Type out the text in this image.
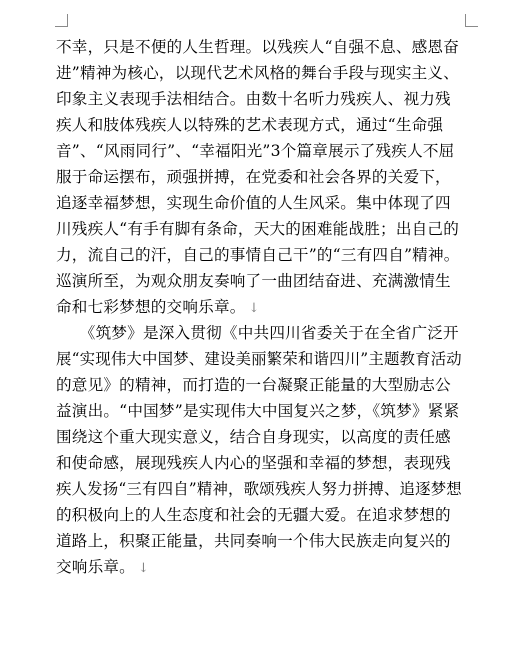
不幸，只是不便的人生哲理。以残疾人“自强不息、感恩奋
进”精神为核心，以现代艺术风格的舞台手段与现实主义、
印象主义表现手法相结合。由数十名听力残疾人、视力残
疾人和肢体残疾人以特殊的艺术表现方式，通过“生命强
音”、“风雨同行”、“幸福阳光”3个篇章展示了残疾人不屈
服于命运摆布，顽强拼搏，在党委和社会各界的关爱下，
追逐幸福梦想，实现生命价值的人生风采。集中体现了四
川残疾人“有手有脚有条命，天大的困难能战胜；出自己的
力，流自己的汗，自己的事情自己干”的“三有四自”精神。
巡演所至，为观众朋友奏响了一曲团结奋进、充满激情生
命和七彩梦想的交响乐章。 ↓
　　《筑梦》是深入贯彻《中共四川省委关于在全省广泛开
展“实现伟大中国梦、建设美丽繁荣和谐四川”主题教育活动
的意见》的精神，而打造的一台凝聚正能量的大型励志公
益演出。“中国梦”是实现伟大中国复兴之梦，《筑梦》紧紧
围绕这个重大现实意义，结合自身现实，以高度的责任感
和使命感，展现残疾人内心的坚强和幸福的梦想，表现残
疾人发扬“三有四自”精神，歌颂残疾人努力拼搏、追逐梦想
的积极向上的人生态度和社会的无疆大爱。在追求梦想的
道路上，积聚正能量，共同奏响一个伟大民族走向复兴的
交响乐章。 ↓
